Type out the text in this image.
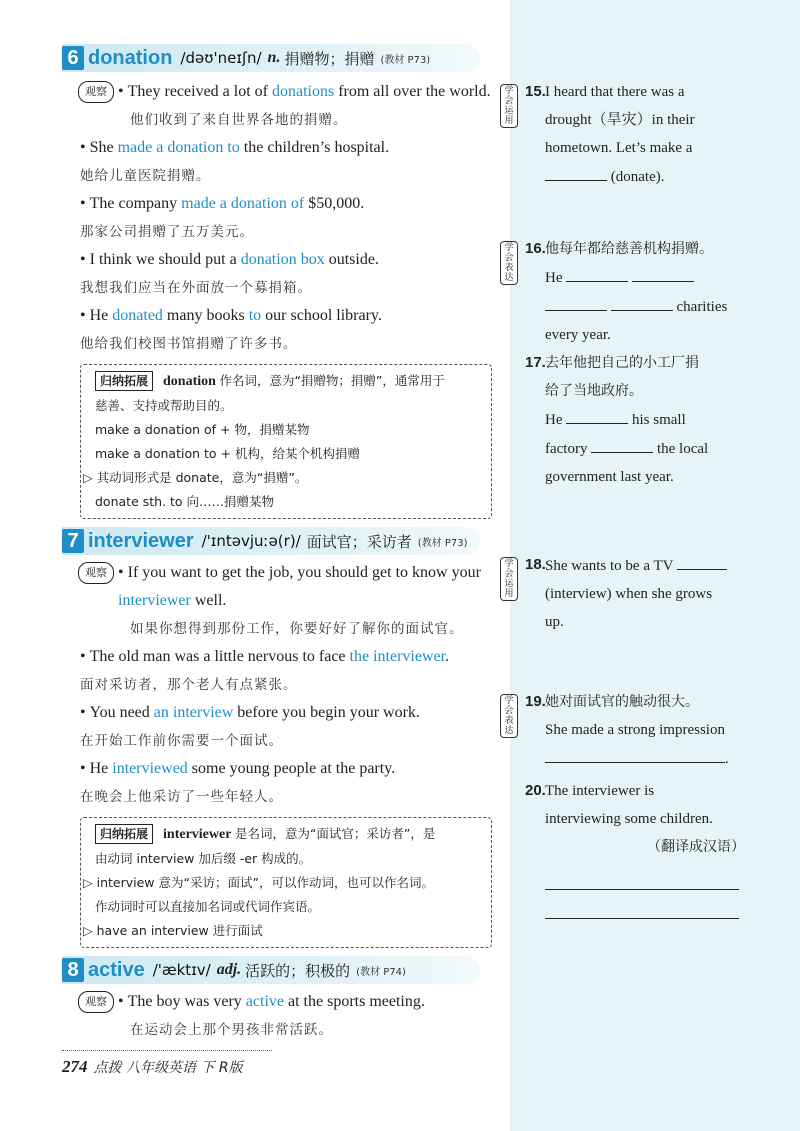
6 donation /dəʊ'neɪʃn/ n. 捐赠物；捐赠 (教材 P73)
观察 • They received a lot of donations from all over the world.
他们收到了来自世界各地的捐赠。
• She made a donation to the children’s hospital.
她给儿童医院捐赠。
• The company made a donation of $50,000.
那家公司捐赠了五万美元。
• I think we should put a donation box outside.
我想我们应当在外面放一个募捐箱。
• He donated many books to our school library.
他给我们校图书馆捐赠了许多书。
归纳拓展 donation 作名词，意为“捐赠物；捐赠”，通常用于
慈善、支持或帮助目的。
make a donation of + 物，捐赠某物
make a donation to + 机构，给某个机构捐赠
▷ 其动词形式是 donate，意为“捐赠”。
donate sth. to 向……捐赠某物
7 interviewer /'ɪntəvjuːə(r)/ 面试官；采访者 (教材 P73)
观察 • If you want to get the job, you should get to know your interviewer well.
如果你想得到那份工作，你要好好了解你的面试官。
• The old man was a little nervous to face the interviewer.
面对采访者，那个老人有点紧张。
• You need an interview before you begin your work.
在开始工作前你需要一个面试。
• He interviewed some young people at the party.
在晚会上他采访了一些年轻人。
归纳拓展 interviewer 是名词，意为“面试官；采访者”，是
由动词 interview 加后缀 -er 构成的。
▷ interview 意为“采访；面试”，可以作动词，也可以作名词。
作动词时可以直接加名词或代词作宾语。
▷ have an interview 进行面试
8 active /'æktɪv/ adj. 活跃的；积极的 (教材 P74)
观察 • The boy was very active at the sports meeting.
在运动会上那个男孩非常活跃。
学会运用
15. I heard that there was a
drought（旱灾）in their
hometown. Let’s make a
(donate).
学会表达
16. 他每年都给慈善机构捐赠。
He
charities
every year.
17. 去年他把自己的小工厂捐
给了当地政府。
He	his small
factory	the local
government last year.
学会运用
18. She wants to be a TV
(interview) when she grows
up.
学会表达
19. 她对面试官的触动很大。
She made a strong impression
.
20. The interviewer is
interviewing some children.
（翻译成汉语）
274 点拨 八年级英语 下 R版
